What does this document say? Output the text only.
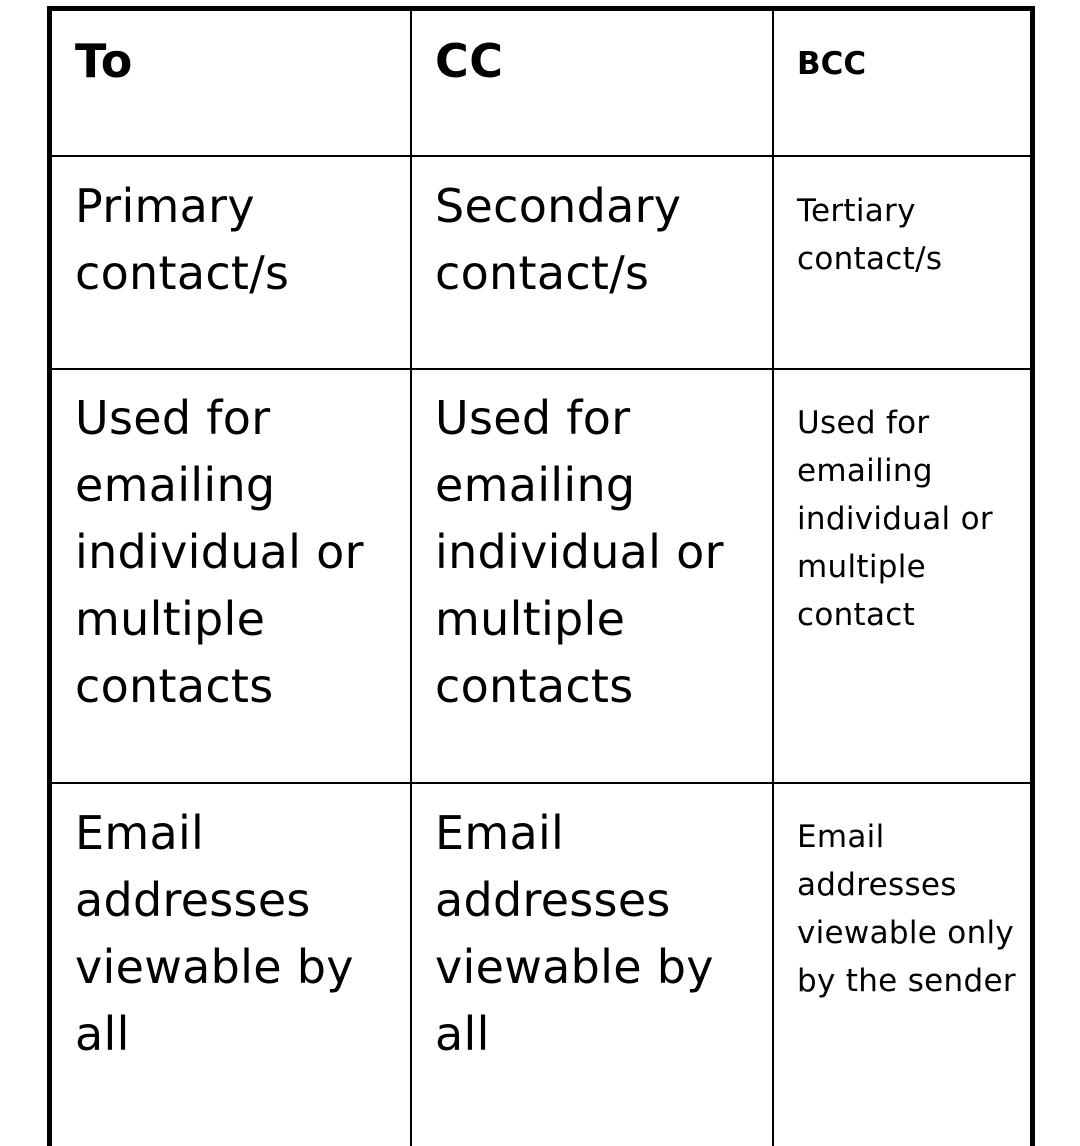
To	CC	BCC
Primary contact/s
Secondary contact/s
Tertiary contact/s
Used for emailing individual or multiple contacts
Used for emailing individual or multiple contacts
Used for emailing individual or multiple contact
Email addresses viewable by all
Email addresses viewable by all
Email addresses viewable only by the sender
